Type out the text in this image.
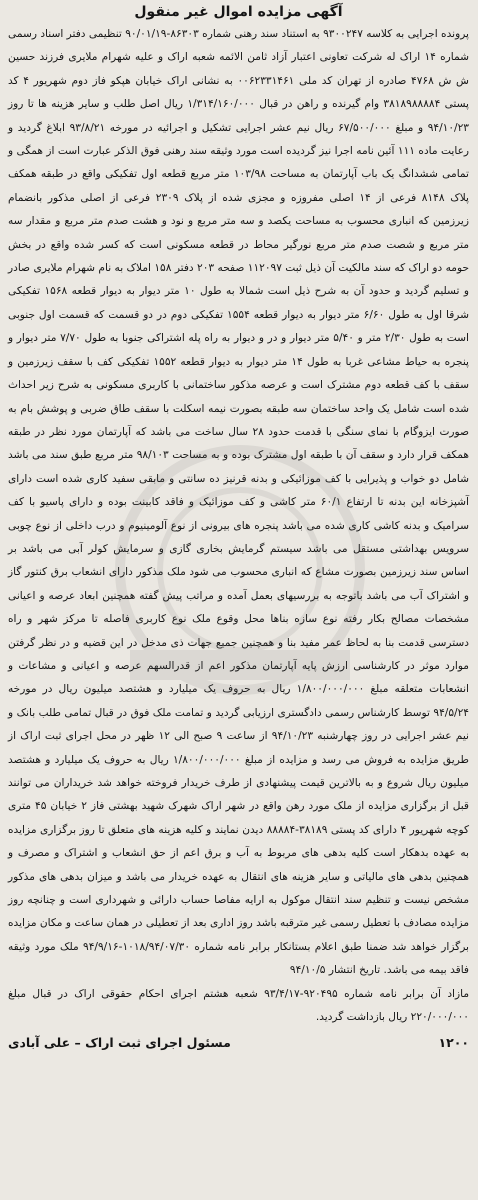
آگهی مزایده اموال غیر منقول

پرونده اجرایی به کلاسه ۹۳۰۰۲۴۷ به استناد سند رهنی شماره ۸۶۳۰۳-۹۰/۰۱/۱۹ تنظیمی دفتر اسناد رسمی شماره ۱۴ اراک له شرکت تعاونی اعتبار آزاد ثامن الائمه شعبه اراک و علیه شهرام ملایری فرزند حسین ش ش ۴۷۶۸ صادره از تهران کد ملی ۰۰۶۲۳۳۱۴۶۱ به نشانی اراک خیابان هپکو فاز دوم شهریور ۴ کد پستی ۳۸۱۸۹۸۸۸۸۴ وام گیرنده و راهن در قبال ۱/۳۱۴/۱۶۰/۰۰۰ ریال اصل طلب و سایر هزینه ها تا روز ۹۴/۱۰/۲۳ و مبلغ ۶۷/۵۰۰/۰۰۰ ریال نیم عشر اجرایی تشکیل و اجرائیه در مورخه ۹۳/۸/۲۱ ابلاغ گردید و رعایت ماده ۱۱۱ آئین نامه اجرا نیز گردیده است مورد وثیقه سند رهنی فوق الذکر عبارت است از همگی و تمامی ششدانگ یک باب آپارتمان به مساحت ۱۰۳/۹۸ متر مربع قطعه اول تفکیکی واقع در طبقه همکف پلاک ۸۱۴۸ فرعی از ۱۴ اصلی مفروزه و مجزی شده از پلاک ۲۳۰۹ فرعی از اصلی مذکور بانضمام زیرزمین که انباری محسوب به مساحت یکصد و سه متر مربع و نود و هشت صدم متر مربع و مقدار سه متر مربع و شصت صدم متر مربع نورگیر محاط در قطعه مسکونی است که کسر شده واقع در بخش حومه دو اراک که سند مالکیت آن ذیل ثبت ۱۱۲۰۹۷ صفحه ۲۰۳ دفتر ۱۵۸ املاک به نام شهرام ملایری صادر و تسلیم گردید و حدود آن به شرح ذیل است شمالا به طول ۱۰ متر دیوار به دیوار قطعه ۱۵۶۸ تفکیکی شرقا اول به طول ۶/۶۰ متر دیوار به دیوار قطعه ۱۵۵۴ تفکیکی دوم در دو قسمت که قسمت اول جنوبی است به طول ۲/۳۰ متر و ۵/۴۰ متر دیوار و در و دیوار به راه پله اشتراکی جنوبا به طول ۷/۷۰ متر دیوار و پنجره به حیاط مشاعی غربا به طول ۱۴ متر دیوار به دیوار قطعه ۱۵۵۲ تفکیکی کف با سقف زیرزمین و سقف با کف قطعه دوم مشترک است و عرصه مذکور ساختمانی با کاربری مسکونی به شرح زیر احداث شده است شامل یک واحد ساختمان سه طبقه بصورت نیمه اسکلت با سقف طاق ضربی و پوشش بام به صورت ایزوگام با نمای سنگی با قدمت حدود ۲۸ سال ساخت می باشد که آپارتمان مورد نظر در طبقه همکف قرار دارد و سقف آن با طبقه اول مشترک بوده و به مساحت ۹۸/۱۰۳ متر مربع طبق سند می باشد شامل دو خواب و پذیرایی با کف موزائیکی و بدنه قرنیز ده سانتی و مابقی سفید کاری شده است دارای آشپزخانه این بدنه تا ارتفاع ۶۰/۱ متر کاشی و کف موزائیک و فاقد کابینت بوده و دارای پاسیو با کف سرامیک و بدنه کاشی کاری شده می باشد پنجره های بیرونی از نوع آلومینیوم و درب داخلی از نوع چوبی سرویس بهداشتی مستقل می باشد سیستم گرمایش بخاری گازی و سرمایش کولر آبی می باشد بر اساس سند زیرزمین بصورت مشاع که انباری محسوب می شود ملک مذکور دارای انشعاب برق کنتور گاز و اشتراک آب می باشد باتوجه به بررسیهای بعمل آمده و مراتب پیش گفته همچنین ابعاد عرصه و اعیانی مشخصات مصالح بکار رفته نوع سازه بناها محل وقوع ملک نوع کاربری فاصله تا مرکز شهر و راه دسترسی قدمت بنا به لحاظ عمر مفید بنا و همچنین جمیع جهات ذی مدخل در این قضیه و در نظر گرفتن موارد موثر در کارشناسی ارزش پایه آپارتمان مذکور اعم از قدرالسهم عرصه و اعیانی و مشاعات و انشعابات متعلقه مبلغ ۱/۸۰۰/۰۰۰/۰۰۰ ریال به حروف یک میلیارد و هشتصد میلیون ریال در مورخه ۹۴/۵/۲۴ توسط کارشناس رسمی دادگستری ارزیابی گردید و تمامت ملک فوق در قبال تمامی طلب بانک و نیم عشر اجرایی در روز چهارشنبه ۹۴/۱۰/۲۳ از ساعت ۹ صبح الی ۱۲ ظهر در محل اجرای ثبت اراک از طریق مزایده به فروش می رسد و مزایده از مبلغ ۱/۸۰۰/۰۰۰/۰۰۰ ریال به حروف یک میلیارد و هشتصد میلیون ریال شروع و به بالاترین قیمت پیشنهادی از طرف خریدار فروخته خواهد شد خریداران می توانند قبل از برگزاری مزایده از ملک مورد رهن واقع در شهر اراک شهرک شهید بهشتی فاز ۲ خیابان ۴۵ متری کوچه شهریور ۴ دارای کد پستی ۳۸۱۸۹-۸۸۸۸۴ دیدن نمایند و کلیه هزینه های متعلق تا روز برگزاری مزایده به عهده بدهکار است کلیه بدهی های مربوط به آب و برق اعم از حق انشعاب و اشتراک و مصرف و همچنین بدهی های مالیاتی و سایر هزینه های انتقال به عهده خریدار می باشد و میزان بدهی های مذکور مشخص نیست و تنظیم سند انتقال موکول به ارایه مفاصا حساب دارائی و شهرداری است و چنانچه روز مزایده مصادف با تعطیل رسمی غیر مترقبه باشد روز اداری بعد از تعطیلی در همان ساعت و مکان مزایده برگزار خواهد شد ضمنا طبق اعلام بستانکار برابر نامه شماره ۱۰۱۸/۹۴/۰۷/۳۰-۹۴/۹/۱۶ ملک مورد وثیقه فاقد بیمه می باشد. تاریخ انتشار ۹۴/۱۰/۵

مازاد آن برابر نامه شماره ۹۲۰۴۹۵-۹۳/۴/۱۷ شعبه هشتم اجرای احکام حقوقی اراک در قبال مبلغ ۲۲۰/۰۰۰/۰۰۰ ریال بازداشت گردید.

۱۲۰۰
مسئول اجرای ثبت اراک – علی آبادی
